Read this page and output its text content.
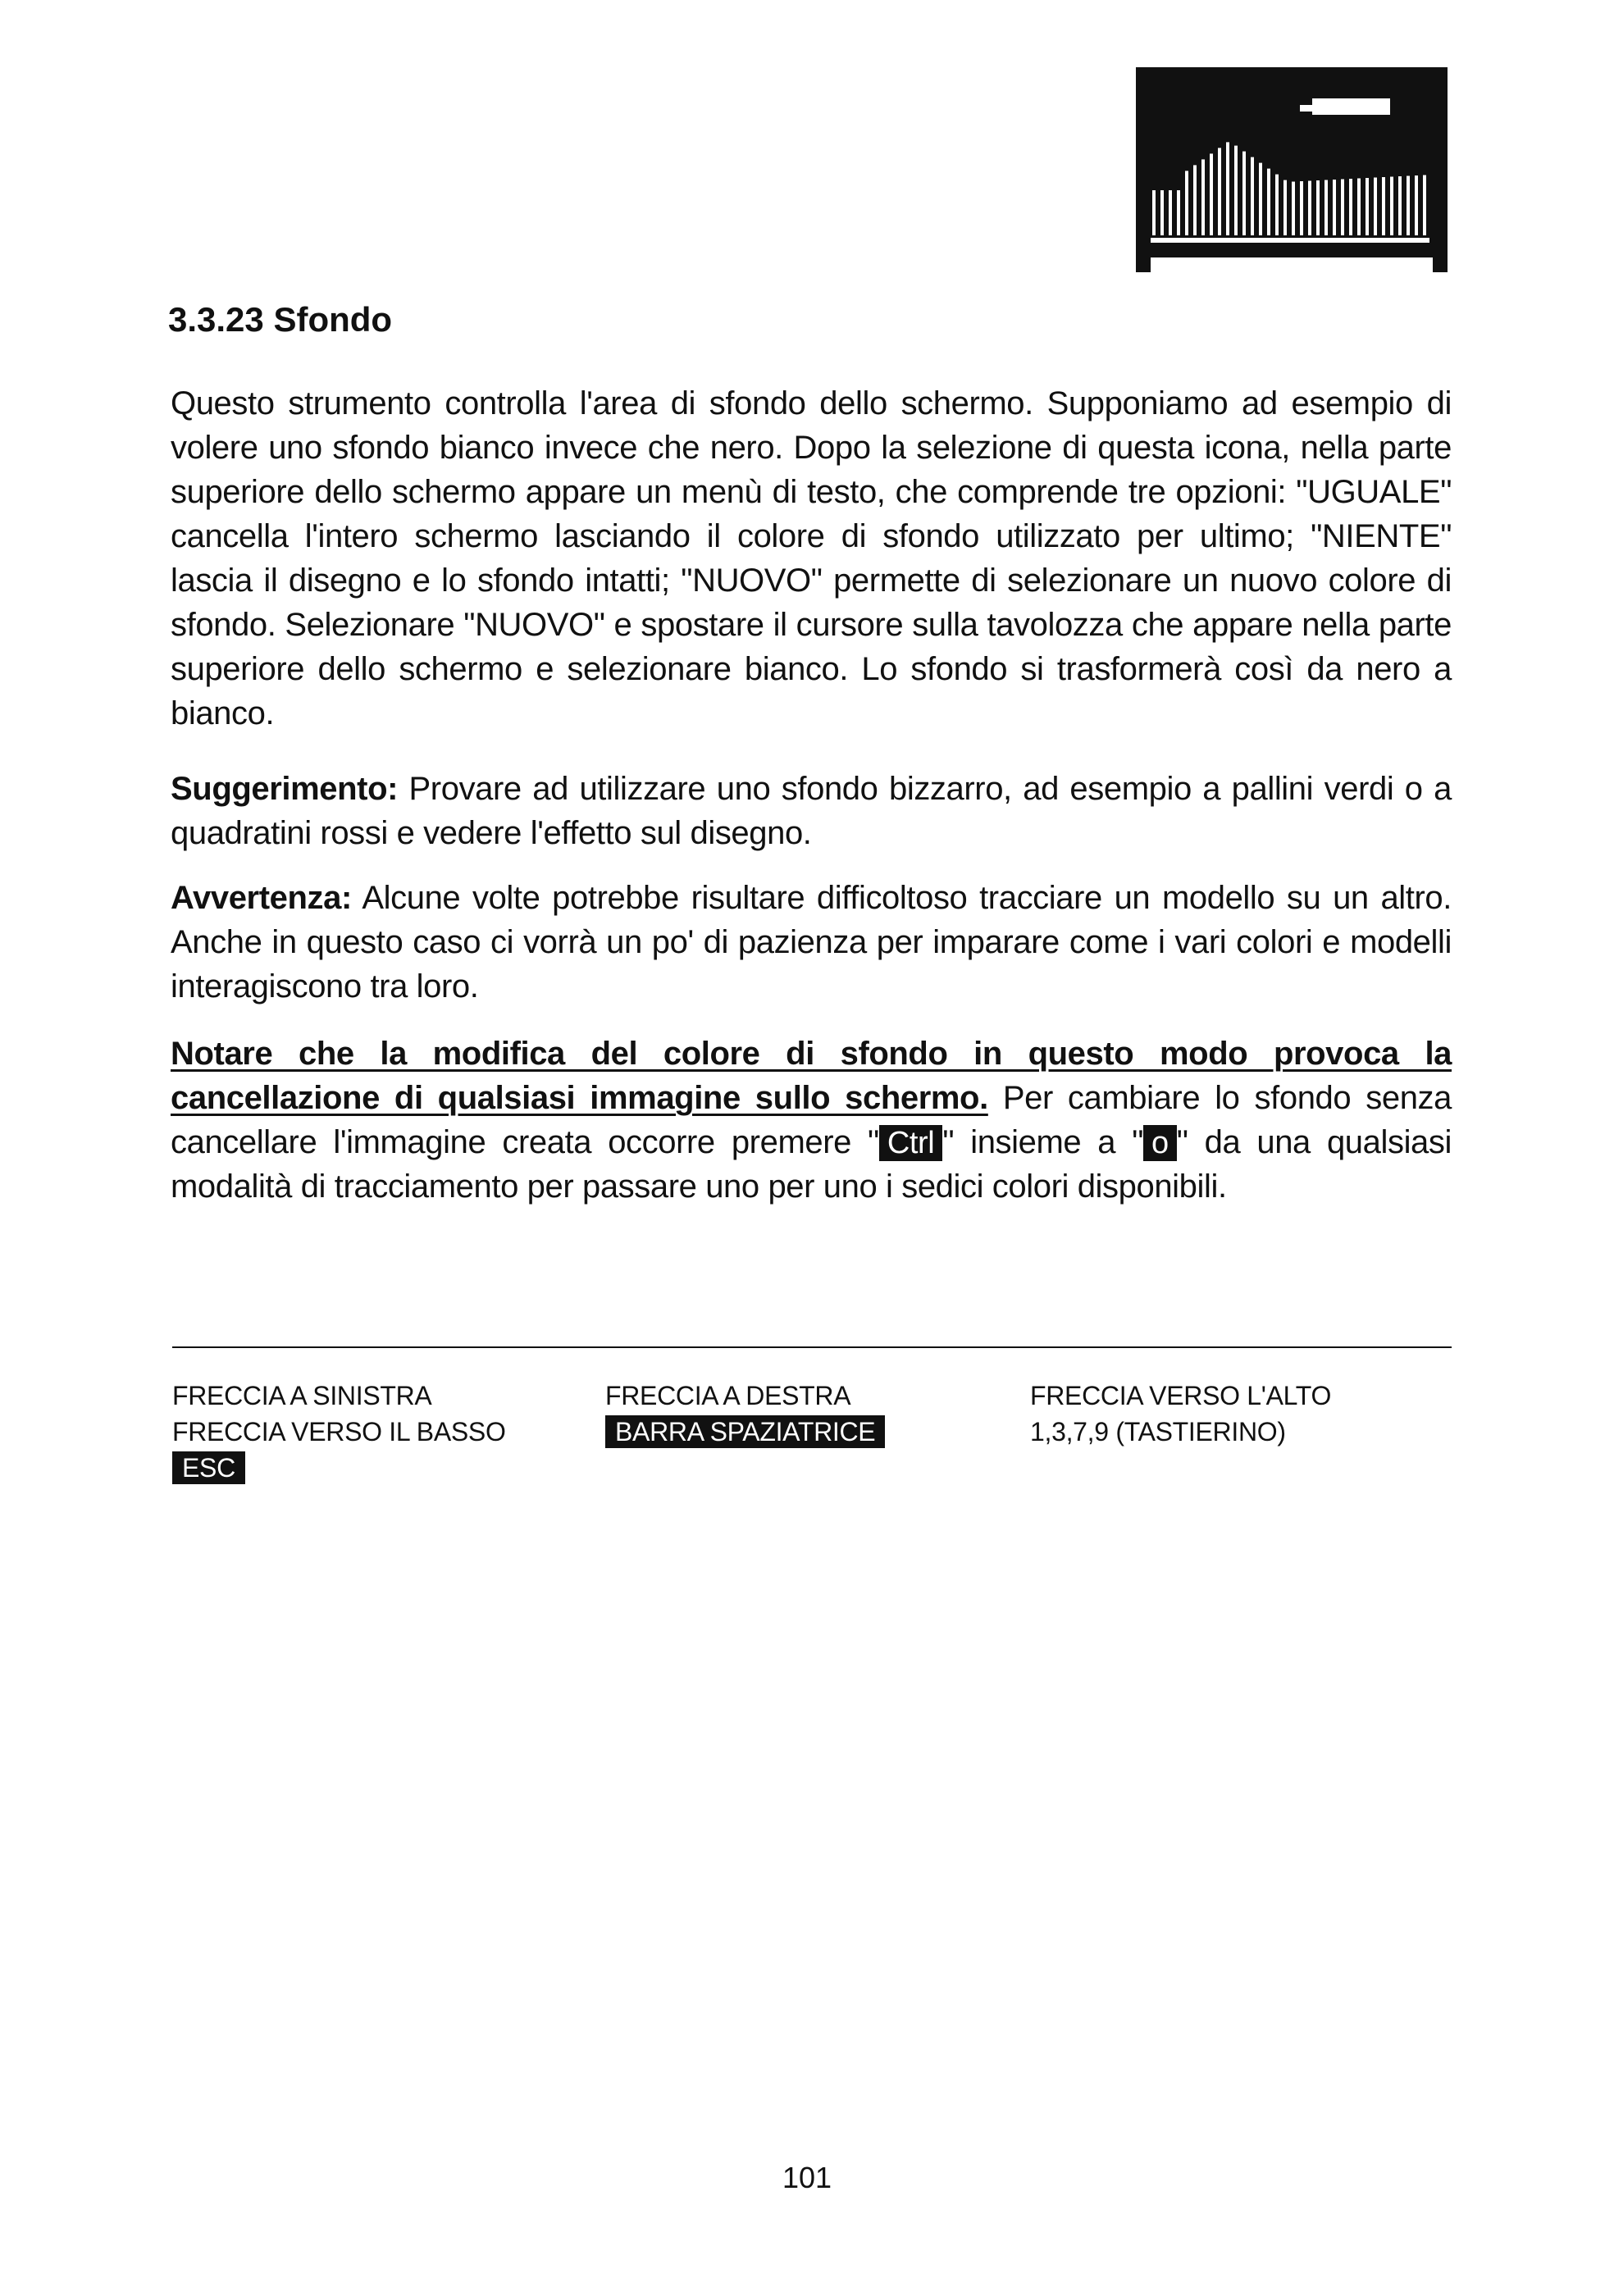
3.3.23 Sfondo

Questo strumento controlla l'area di sfondo dello schermo. Supponiamo ad esempio di volere uno sfondo bianco invece che nero. Dopo la selezione di questa icona, nella parte superiore dello schermo appare un menù di testo, che comprende tre opzioni: "UGUALE" cancella l'intero schermo lasciando il colore di sfondo utilizzato per ultimo; "NIENTE" lascia il disegno e lo sfondo intatti; "NUOVO" permette di selezionare un nuovo colore di sfondo. Selezionare "NUOVO" e spostare il cursore sulla tavolozza che appare nella parte superiore dello schermo e selezionare bianco. Lo sfondo si trasformerà così da nero a bianco.

Suggerimento: Provare ad utilizzare uno sfondo bizzarro, ad esempio a pallini verdi o a quadratini rossi e vedere l'effetto sul disegno.

Avvertenza: Alcune volte potrebbe risultare difficoltoso tracciare un modello su un altro. Anche in questo caso ci vorrà un po' di pazienza per imparare come i vari colori e modelli interagiscono tra loro.

Notare che la modifica del colore di sfondo in questo modo provoca la cancellazione di qualsiasi immagine sullo schermo. Per cambiare lo sfondo senza cancellare l'immagine creata occorre premere " Ctrl " insieme a " o " da una qualsiasi modalità di tracciamento per passare uno per uno i sedici colori disponibili.

FRECCIA A SINISTRA
FRECCIA VERSO IL BASSO
ESC
FRECCIA A DESTRA
BARRA SPAZIATRICE
FRECCIA VERSO L'ALTO
1,3,7,9 (TASTIERINO)
101
